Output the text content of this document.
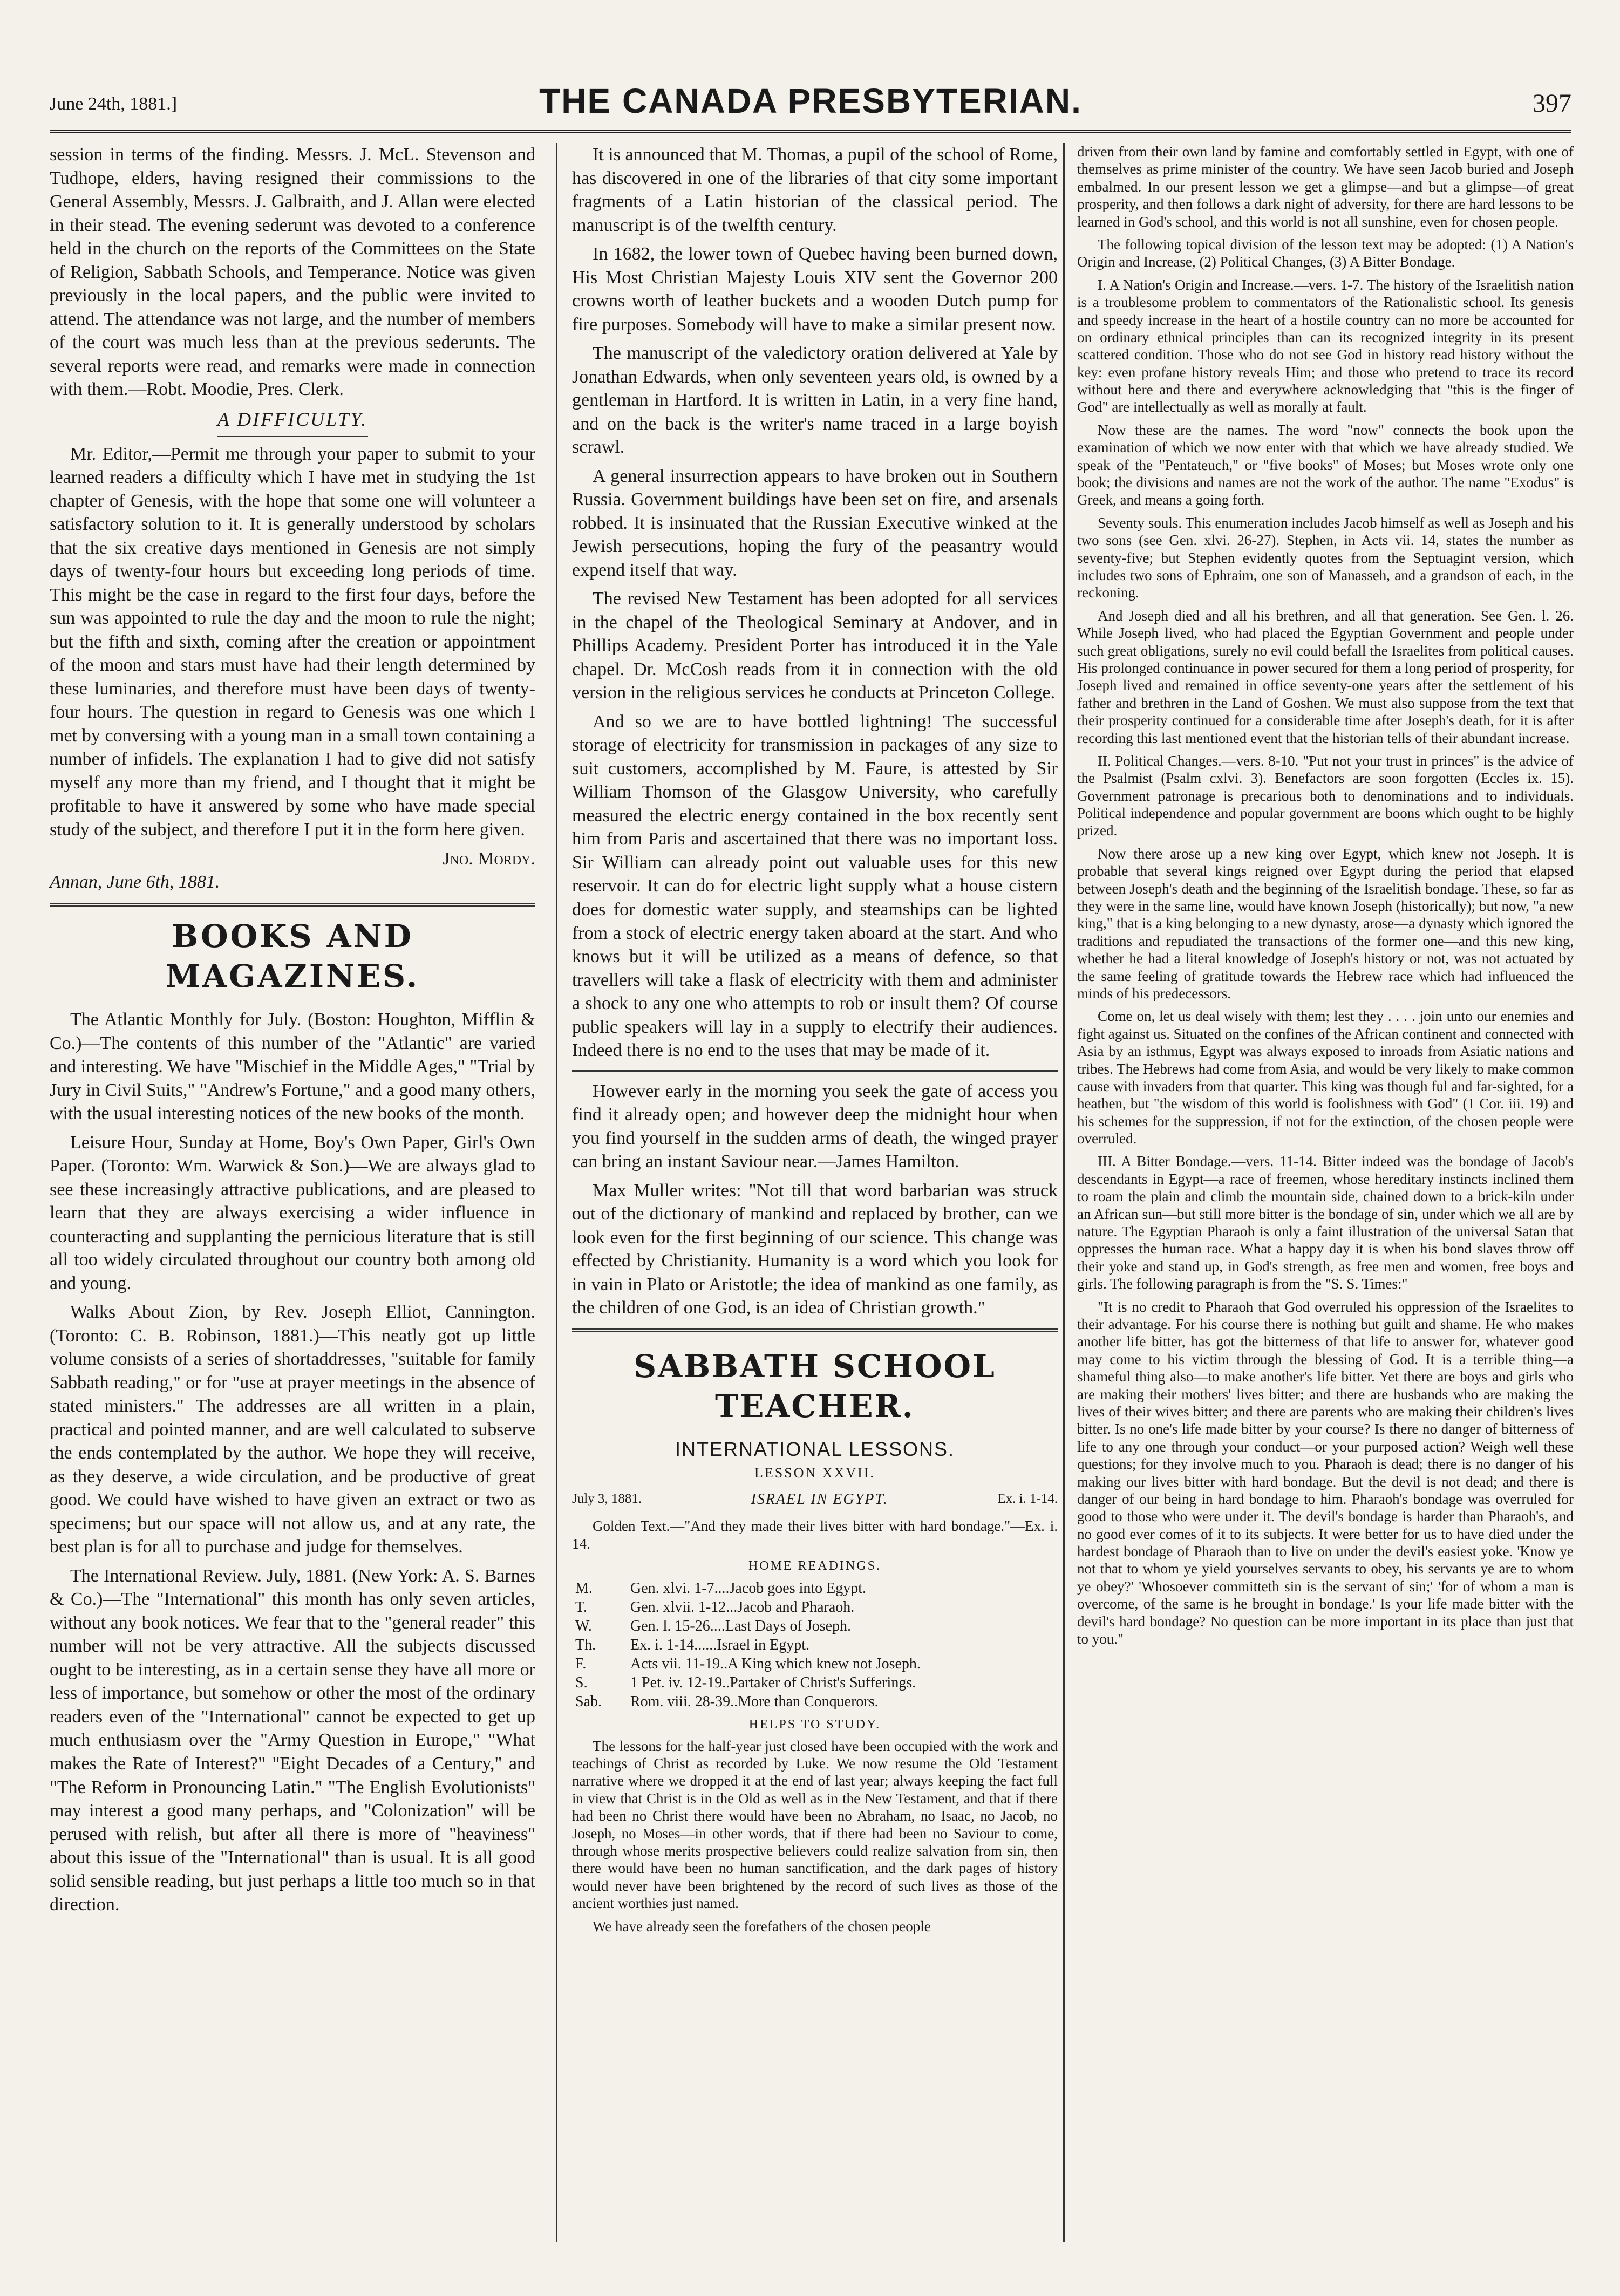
June 24th, 1881.]	THE CANADA PRESBYTERIAN.	397

session in terms of the finding. Messrs. J. McL. Stevenson and Tudhope, elders, having resigned their commissions to the General Assembly, Messrs. J. Galbraith, and J. Allan were elected in their stead. The evening sederunt was devoted to a conference held in the church on the reports of the Committees on the State of Religion, Sabbath Schools, and Temperance. Notice was given previously in the local papers, and the public were invited to attend. The attendance was not large, and the number of members of the court was much less than at the previous sederunts. The several reports were read, and remarks were made in connection with them.—Robt. Moodie, Pres. Clerk.

A DIFFICULTY.

Mr. Editor,—Permit me through your paper to submit to your learned readers a difficulty which I have met in studying the 1st chapter of Genesis, with the hope that some one will volunteer a satisfactory solution to it. It is generally understood by scholars that the six creative days mentioned in Genesis are not simply days of twenty-four hours but exceeding long periods of time. This might be the case in regard to the first four days, before the sun was appointed to rule the day and the moon to rule the night; but the fifth and sixth, coming after the creation or appointment of the moon and stars must have had their length determined by these luminaries, and therefore must have been days of twenty-four hours. The question in regard to Genesis was one which I met by conversing with a young man in a small town containing a number of infidels. The explanation I had to give did not satisfy myself any more than my friend, and I thought that it might be profitable to have it answered by some who have made special study of the subject, and therefore I put it in the form here given.

Jno. Mordy.
Annan, June 6th, 1881.
BOOKS AND MAGAZINES.

The Atlantic Monthly for July. (Boston: Houghton, Mifflin & Co.)—The contents of this number of the "Atlantic" are varied and interesting. We have "Mischief in the Middle Ages," "Trial by Jury in Civil Suits," "Andrew's Fortune," and a good many others, with the usual interesting notices of the new books of the month.

Leisure Hour, Sunday at Home, Boy's Own Paper, Girl's Own Paper. (Toronto: Wm. Warwick & Son.)—We are always glad to see these increasingly attractive publications, and are pleased to learn that they are always exercising a wider influence in counteracting and supplanting the pernicious literature that is still all too widely circulated throughout our country both among old and young.

Walks About Zion, by Rev. Joseph Elliot, Cannington. (Toronto: C. B. Robinson, 1881.)—This neatly got up little volume consists of a series of shortaddresses, "suitable for family Sabbath reading," or for "use at prayer meetings in the absence of stated ministers." The addresses are all written in a plain, practical and pointed manner, and are well calculated to subserve the ends contemplated by the author. We hope they will receive, as they deserve, a wide circulation, and be productive of great good. We could have wished to have given an extract or two as specimens; but our space will not allow us, and at any rate, the best plan is for all to purchase and judge for themselves.

The International Review. July, 1881. (New York: A. S. Barnes & Co.)—The "International" this month has only seven articles, without any book notices. We fear that to the "general reader" this number will not be very attractive. All the subjects discussed ought to be interesting, as in a certain sense they have all more or less of importance, but somehow or other the most of the ordinary readers even of the "International" cannot be expected to get up much enthusiasm over the "Army Question in Europe," "What makes the Rate of Interest?" "Eight Decades of a Century," and "The Reform in Pronouncing Latin." "The English Evolutionists" may interest a good many perhaps, and "Colonization" will be perused with relish, but after all there is more of "heaviness" about this issue of the "International" than is usual. It is all good solid sensible reading, but just perhaps a little too much so in that direction.

It is announced that M. Thomas, a pupil of the school of Rome, has discovered in one of the libraries of that city some important fragments of a Latin historian of the classical period. The manuscript is of the twelfth century.

In 1682, the lower town of Quebec having been burned down, His Most Christian Majesty Louis XIV sent the Governor 200 crowns worth of leather buckets and a wooden Dutch pump for fire purposes. Somebody will have to make a similar present now.

The manuscript of the valedictory oration delivered at Yale by Jonathan Edwards, when only seventeen years old, is owned by a gentleman in Hartford. It is written in Latin, in a very fine hand, and on the back is the writer's name traced in a large boyish scrawl.

A general insurrection appears to have broken out in Southern Russia. Government buildings have been set on fire, and arsenals robbed. It is insinuated that the Russian Executive winked at the Jewish persecutions, hoping the fury of the peasantry would expend itself that way.

The revised New Testament has been adopted for all services in the chapel of the Theological Seminary at Andover, and in Phillips Academy. President Porter has introduced it in the Yale chapel. Dr. McCosh reads from it in connection with the old version in the religious services he conducts at Princeton College.

And so we are to have bottled lightning! The successful storage of electricity for transmission in packages of any size to suit customers, accomplished by M. Faure, is attested by Sir William Thomson of the Glasgow University, who carefully measured the electric energy contained in the box recently sent him from Paris and ascertained that there was no important loss. Sir William can already point out valuable uses for this new reservoir. It can do for electric light supply what a house cistern does for domestic water supply, and steamships can be lighted from a stock of electric energy taken aboard at the start. And who knows but it will be utilized as a means of defence, so that travellers will take a flask of electricity with them and administer a shock to any one who attempts to rob or insult them? Of course public speakers will lay in a supply to electrify their audiences. Indeed there is no end to the uses that may be made of it.

However early in the morning you seek the gate of access you find it already open; and however deep the midnight hour when you find yourself in the sudden arms of death, the winged prayer can bring an instant Saviour near.—James Hamilton.

Max Muller writes: "Not till that word barbarian was struck out of the dictionary of mankind and replaced by brother, can we look even for the first beginning of our science. This change was effected by Christianity. Humanity is a word which you look for in vain in Plato or Aristotle; the idea of mankind as one family, as the children of one God, is an idea of Christian growth."

SABBATH SCHOOL TEACHER.
INTERNATIONAL LESSONS.
LESSON XXVII.
July 3, 1881.	ISRAEL IN EGYPT.	Ex. i. 1-14.

Golden Text.—"And they made their lives bitter with hard bondage."—Ex. i. 14.

HOME READINGS.
M.	Gen. xlvi. 1-7....Jacob goes into Egypt.
T.	Gen. xlvii. 1-12...Jacob and Pharaoh.
W.	Gen. l. 15-26....Last Days of Joseph.
Th.	Ex. i. 1-14......Israel in Egypt.
F.	Acts vii. 11-19..A King which knew not Joseph.
S.	1 Pet. iv. 12-19..Partaker of Christ's Sufferings.
Sab.	Rom. viii. 28-39..More than Conquerors.
HELPS TO STUDY.

The lessons for the half-year just closed have been occupied with the work and teachings of Christ as recorded by Luke. We now resume the Old Testament narrative where we dropped it at the end of last year; always keeping the fact full in view that Christ is in the Old as well as in the New Testament, and that if there had been no Christ there would have been no Abraham, no Isaac, no Jacob, no Joseph, no Moses—in other words, that if there had been no Saviour to come, through whose merits prospective believers could realize salvation from sin, then there would have been no human sanctification, and the dark pages of history would never have been brightened by the record of such lives as those of the ancient worthies just named.

We have already seen the forefathers of the chosen people

driven from their own land by famine and comfortably settled in Egypt, with one of themselves as prime minister of the country. We have seen Jacob buried and Joseph embalmed. In our present lesson we get a glimpse—and but a glimpse—of great prosperity, and then follows a dark night of adversity, for there are hard lessons to be learned in God's school, and this world is not all sunshine, even for chosen people.

The following topical division of the lesson text may be adopted: (1) A Nation's Origin and Increase, (2) Political Changes, (3) A Bitter Bondage.

I. A Nation's Origin and Increase.—vers. 1-7. The history of the Israelitish nation is a troublesome problem to commentators of the Rationalistic school. Its genesis and speedy increase in the heart of a hostile country can no more be accounted for on ordinary ethnical principles than can its recognized integrity in its present scattered condition. Those who do not see God in history read history without the key: even profane history reveals Him; and those who pretend to trace its record without here and there and everywhere acknowledging that "this is the finger of God" are intellectually as well as morally at fault.

Now these are the names. The word "now" connects the book upon the examination of which we now enter with that which we have already studied. We speak of the "Pentateuch," or "five books" of Moses; but Moses wrote only one book; the divisions and names are not the work of the author. The name "Exodus" is Greek, and means a going forth.

Seventy souls. This enumeration includes Jacob himself as well as Joseph and his two sons (see Gen. xlvi. 26-27). Stephen, in Acts vii. 14, states the number as seventy-five; but Stephen evidently quotes from the Septuagint version, which includes two sons of Ephraim, one son of Manasseh, and a grandson of each, in the reckoning.

And Joseph died and all his brethren, and all that generation. See Gen. l. 26. While Joseph lived, who had placed the Egyptian Government and people under such great obligations, surely no evil could befall the Israelites from political causes. His prolonged continuance in power secured for them a long period of prosperity, for Joseph lived and remained in office seventy-one years after the settlement of his father and brethren in the Land of Goshen. We must also suppose from the text that their prosperity continued for a considerable time after Joseph's death, for it is after recording this last mentioned event that the historian tells of their abundant increase.

II. Political Changes.—vers. 8-10. "Put not your trust in princes" is the advice of the Psalmist (Psalm cxlvi. 3). Benefactors are soon forgotten (Eccles ix. 15). Government patronage is precarious both to denominations and to individuals. Political independence and popular government are boons which ought to be highly prized.

Now there arose up a new king over Egypt, which knew not Joseph. It is probable that several kings reigned over Egypt during the period that elapsed between Joseph's death and the beginning of the Israelitish bondage. These, so far as they were in the same line, would have known Joseph (historically); but now, "a new king," that is a king belonging to a new dynasty, arose—a dynasty which ignored the traditions and repudiated the transactions of the former one—and this new king, whether he had a literal knowledge of Joseph's history or not, was not actuated by the same feeling of gratitude towards the Hebrew race which had influenced the minds of his predecessors.

Come on, let us deal wisely with them; lest they . . . . join unto our enemies and fight against us. Situated on the confines of the African continent and connected with Asia by an isthmus, Egypt was always exposed to inroads from Asiatic nations and tribes. The Hebrews had come from Asia, and would be very likely to make common cause with invaders from that quarter. This king was though ful and far-sighted, for a heathen, but "the wisdom of this world is foolishness with God" (1 Cor. iii. 19) and his schemes for the suppression, if not for the extinction, of the chosen people were overruled.

III. A Bitter Bondage.—vers. 11-14. Bitter indeed was the bondage of Jacob's descendants in Egypt—a race of freemen, whose hereditary instincts inclined them to roam the plain and climb the mountain side, chained down to a brick-kiln under an African sun—but still more bitter is the bondage of sin, under which we all are by nature. The Egyptian Pharaoh is only a faint illustration of the universal Satan that oppresses the human race. What a happy day it is when his bond slaves throw off their yoke and stand up, in God's strength, as free men and women, free boys and girls. The following paragraph is from the "S. S. Times:"

"It is no credit to Pharaoh that God overruled his oppression of the Israelites to their advantage. For his course there is nothing but guilt and shame. He who makes another life bitter, has got the bitterness of that life to answer for, whatever good may come to his victim through the blessing of God. It is a terrible thing—a shameful thing also—to make another's life bitter. Yet there are boys and girls who are making their mothers' lives bitter; and there are husbands who are making the lives of their wives bitter; and there are parents who are making their children's lives bitter. Is no one's life made bitter by your course? Is there no danger of bitterness of life to any one through your conduct—or your purposed action? Weigh well these questions; for they involve much to you. Pharaoh is dead; there is no danger of his making our lives bitter with hard bondage. But the devil is not dead; and there is danger of our being in hard bondage to him. Pharaoh's bondage was overruled for good to those who were under it. The devil's bondage is harder than Pharaoh's, and no good ever comes of it to its subjects. It were better for us to have died under the hardest bondage of Pharaoh than to live on under the devil's easiest yoke. 'Know ye not that to whom ye yield yourselves servants to obey, his servants ye are to whom ye obey?' 'Whosoever committeth sin is the servant of sin;' 'for of whom a man is overcome, of the same is he brought in bondage.' Is your life made bitter with the devil's hard bondage? No question can be more important in its place than just that to you."
